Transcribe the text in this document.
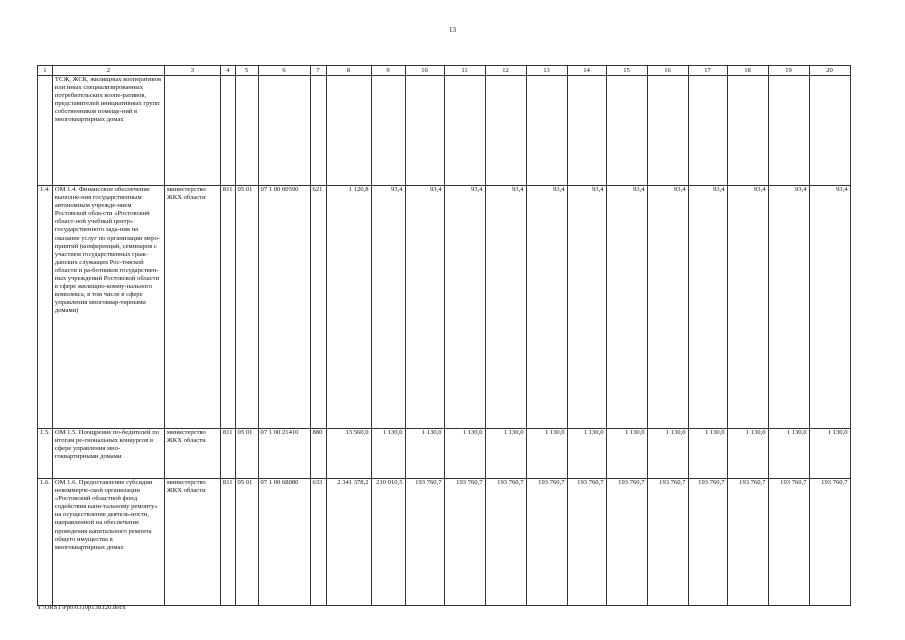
13
1	2	3	4	5	6	7	8	9	10	11	12	13	14	15	16	17	18	19	20
	ТСЖ, ЖСК, жилищных кооперативов или иных специализированных потребительских коопе-ративов, представителей инициативных групп собственников помеще-ний в многоквартирных домах																		
1.4.	ОМ 1.4. Финансовое обеспечение выполне-ния государственным автономным учрежде-нием Ростовской обла-сти «Ростовский област-ной учебный центр» государственного зада-ния на оказание услуг по организации меро-приятий (конференций, семинаров с участием государственных граж-данских служащих Рос-товской области и ра-ботников государствен-ных учреждений Ростовской области в сфере жилищно-комму-нального комплекса, в том числе в сфере управления многоквар-тирными домами)	министерство ЖКХ области	811	05 01	07 1 00 00590	621	1 120,8	93,4	93,4	93,4	93,4	93,4	93,4	93,4	93,4	93,4	93,4	93,4	93,4
1.5.	ОМ 1.5. Поощрение по-бедителей по итогам ре-гиональных конкурсов в сфере управления мно-гоквартирными домами	министерство ЖКХ области	811	05 01	07 1 00 21410	880	13 560,0	1 130,0	1 130,0	1 130,0	1 130,0	1 130,0	1 130,0	1 130,0	1 130,0	1 130,0	1 130,0	1 130,0	1 130,0
1.6.	ОМ 1.6. Предоставление субсидии некоммерче-ской организации «Ростовский областной фонд содействия капи-тальному ремонту» на осуществление деятель-ности, направленной на обеспечение проведения капитального ремонта общего имущества в многоквартирных домах	министерство ЖКХ области	811	05 01	07 1 00 68080	633	2 341 378,2	210 010,5	193 760,7	193 760,7	193 760,7	193 760,7	193 760,7	193 760,7	193 760,7	193 760,7	193 760,7	193 760,7	193 760,7
Y:\ORST\Ppo\0310p138.f20.docx
